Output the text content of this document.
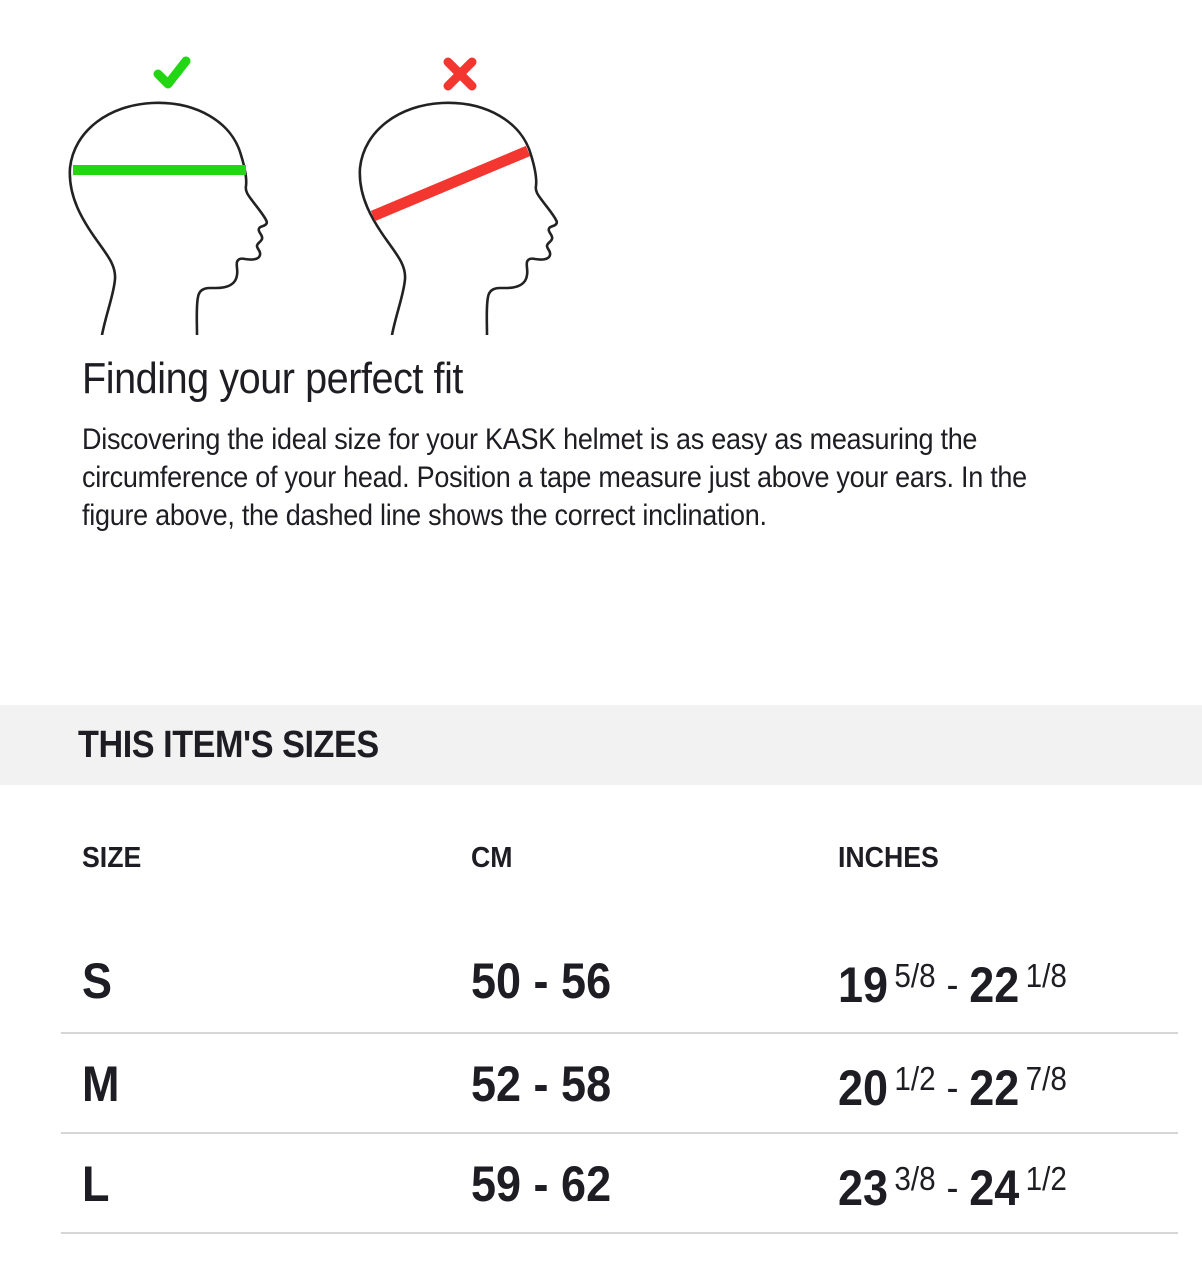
Finding your perfect fit

Discovering the ideal size for your KASK helmet is as easy as measuring the
circumference of your head. Position a tape measure just above your ears. In the
figure above, the dashed line shows the correct inclination.

THIS ITEM'S SIZES
SIZE	CM	INCHES
S	50 - 56	19 $^{5/8}$ - 22 $^{1/8}$
M	52 - 58	20 $^{1/2}$ - 22 $^{7/8}$
L	59 - 62	23 $^{3/8}$ - 24 $^{1/2}$
